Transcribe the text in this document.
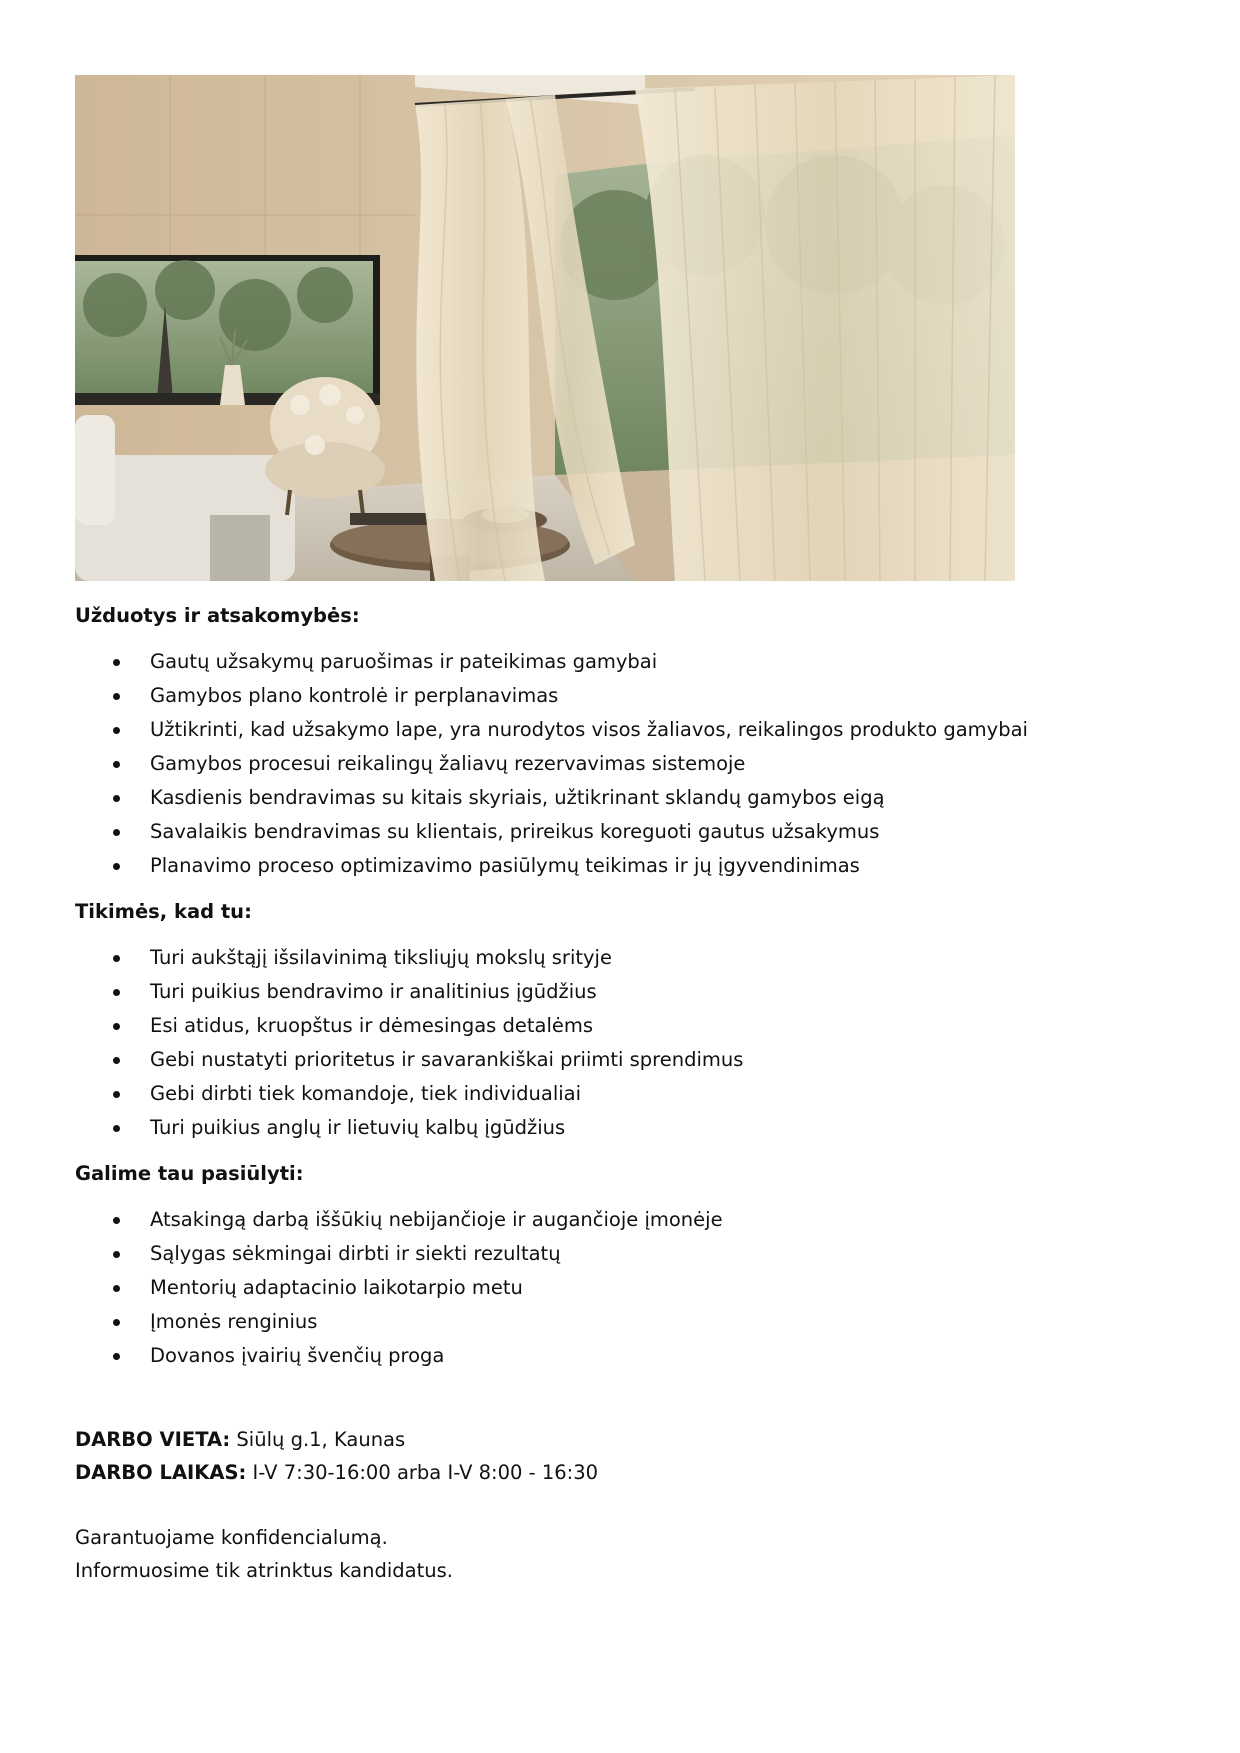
Užduotys ir atsakomybės:

Gautų užsakymų paruošimas ir pateikimas gamybai
Gamybos plano kontrolė ir perplanavimas
Užtikrinti, kad užsakymo lape, yra nurodytos visos žaliavos, reikalingos produkto gamybai
Gamybos procesui reikalingų žaliavų rezervavimas sistemoje
Kasdienis bendravimas su kitais skyriais, užtikrinant sklandų gamybos eigą
Savalaikis bendravimas su klientais, prireikus koreguoti gautus užsakymus
Planavimo proceso optimizavimo pasiūlymų teikimas ir jų įgyvendinimas

Tikimės, kad tu:

Turi aukštąjį išsilavinimą tiksliųjų mokslų srityje
Turi puikius bendravimo ir analitinius įgūdžius
Esi atidus, kruopštus ir dėmesingas detalėms
Gebi nustatyti prioritetus ir savarankiškai priimti sprendimus
Gebi dirbti tiek komandoje, tiek individualiai
Turi puikius anglų ir lietuvių kalbų įgūdžius

Galime tau pasiūlyti:

Atsakingą darbą iššūkių nebijančioje ir augančioje įmonėje
Sąlygas sėkmingai dirbti ir siekti rezultatų
Mentorių adaptacinio laikotarpio metu
Įmonės renginius
Dovanos įvairių švenčių proga
DARBO VIETA: Siūlų g.1, Kaunas
DARBO LAIKAS: I-V 7:30-16:00 arba I-V 8:00 - 16:30
Garantuojame konfidencialumą.
Informuosime tik atrinktus kandidatus.
